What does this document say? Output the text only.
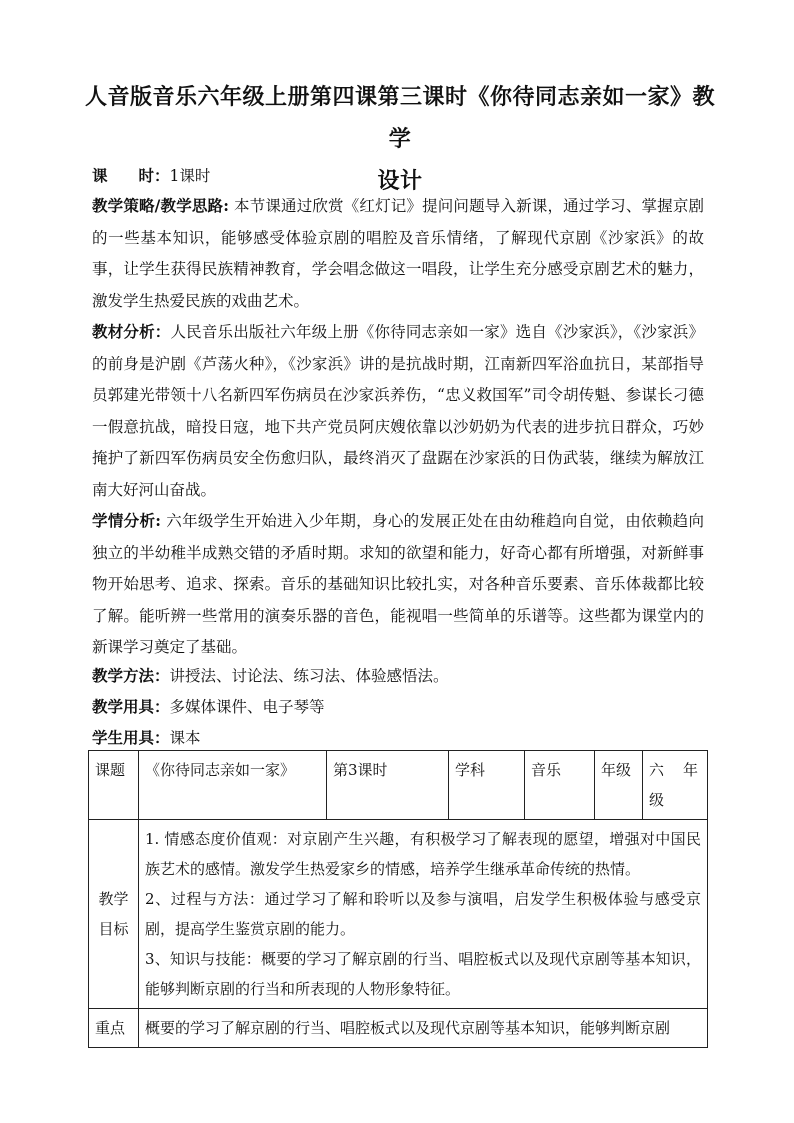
人音版音乐六年级上册第四课第三课时《你待同志亲如一家》教学
设计
课　　时：1课时
教学策略/教学思路: 本节课通过欣赏《红灯记》提问问题导入新课，通过学习、掌握京剧的一些基本知识，能够感受体验京剧的唱腔及音乐情绪，了解现代京剧《沙家浜》的故事，让学生获得民族精神教育，学会唱念做这一唱段，让学生充分感受京剧艺术的魅力，激发学生热爱民族的戏曲艺术。
教材分析：人民音乐出版社六年级上册《你待同志亲如一家》选自《沙家浜》，《沙家浜》的前身是沪剧《芦荡火种》，《沙家浜》讲的是抗战时期，江南新四军浴血抗日，某部指导员郭建光带领十八名新四军伤病员在沙家浜养伤，“忠义救国军”司令胡传魁、参谋长刁德一假意抗战，暗投日寇，地下共产党员阿庆嫂依靠以沙奶奶为代表的进步抗日群众，巧妙掩护了新四军伤病员安全伤愈归队，最终消灭了盘踞在沙家浜的日伪武装，继续为解放江南大好河山奋战。
学情分析: 六年级学生开始进入少年期，身心的发展正处在由幼稚趋向自觉，由依赖趋向独立的半幼稚半成熟交错的矛盾时期。求知的欲望和能力，好奇心都有所增强，对新鲜事物开始思考、追求、探索。音乐的基础知识比较扎实，对各种音乐要素、音乐体裁都比较了解。能听辨一些常用的演奏乐器的音色，能视唱一些简单的乐谱等。这些都为课堂内的新课学习奠定了基础。
教学方法：讲授法、讨论法、练习法、体验感悟法。
教学用具：多媒体课件、电子琴等
学生用具：课本
课题	《你待同志亲如一家》	第3课时	学科	音乐	年级	六　年级
教学目标	1. 情感态度价值观：对京剧产生兴趣，有积极学习了解表现的愿望，增强对中国民族艺术的感情。激发学生热爱家乡的情感，培养学生继承革命传统的热情。

2、过程与方法：通过学习了解和聆听以及参与演唱，启发学生积极体验与感受京剧，提高学生鉴赏京剧的能力。

3、知识与技能：概要的学习了解京剧的行当、唱腔板式以及现代京剧等基本知识，能够判断京剧的行当和所表现的人物形象特征。					

重点	概要的学习了解京剧的行当、唱腔板式以及现代京剧等基本知识，能够判断京剧					
